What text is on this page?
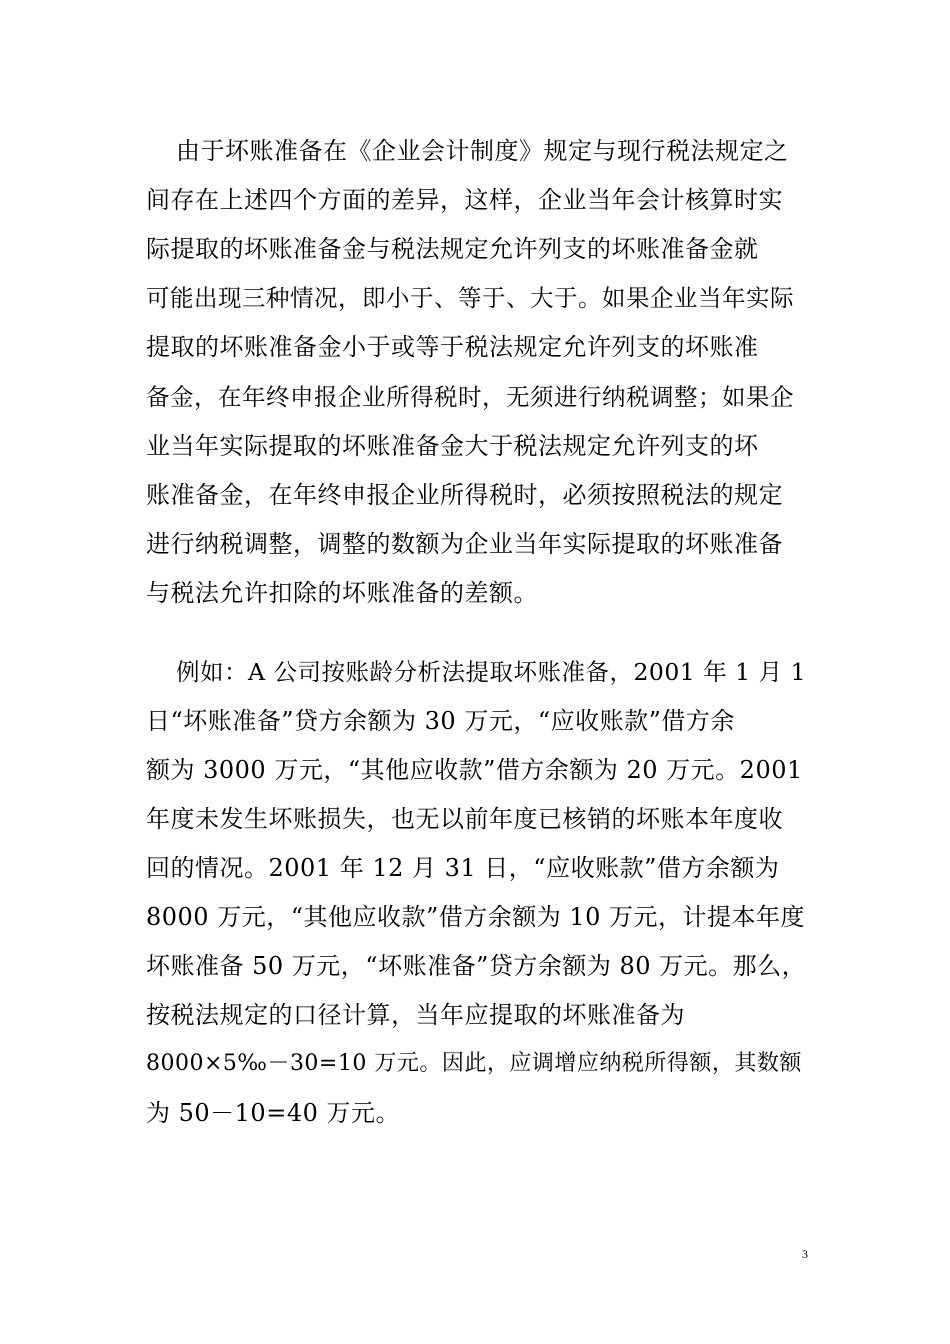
由于坏账准备在《企业会计制度》规定与现行税法规定之
间存在上述四个方面的差异，这样，企业当年会计核算时实
际提取的坏账准备金与税法规定允许列支的坏账准备金就
可能出现三种情况，即小于、等于、大于。如果企业当年实际
提取的坏账准备金小于或等于税法规定允许列支的坏账准
备金，在年终申报企业所得税时，无须进行纳税调整；如果企
业当年实际提取的坏账准备金大于税法规定允许列支的坏
账准备金，在年终申报企业所得税时，必须按照税法的规定
进行纳税调整，调整的数额为企业当年实际提取的坏账准备
与税法允许扣除的坏账准备的差额。
例如：A 公司按账龄分析法提取坏账准备，2001 年 1 月 1
日“坏账准备”贷方余额为 30 万元，“应收账款”借方余
额为 3000 万元，“其他应收款”借方余额为 20 万元。2001
年度未发生坏账损失，也无以前年度已核销的坏账本年度收
回的情况。2001 年 12 月 31 日，“应收账款”借方余额为
8000 万元，“其他应收款”借方余额为 10 万元，计提本年度
坏账准备 50 万元，“坏账准备”贷方余额为 80 万元。那么，
按税法规定的口径计算，当年应提取的坏账准备为
8000×5‰－30=10 万元。因此，应调增应纳税所得额，其数额
为 50－10=40 万元。
3
